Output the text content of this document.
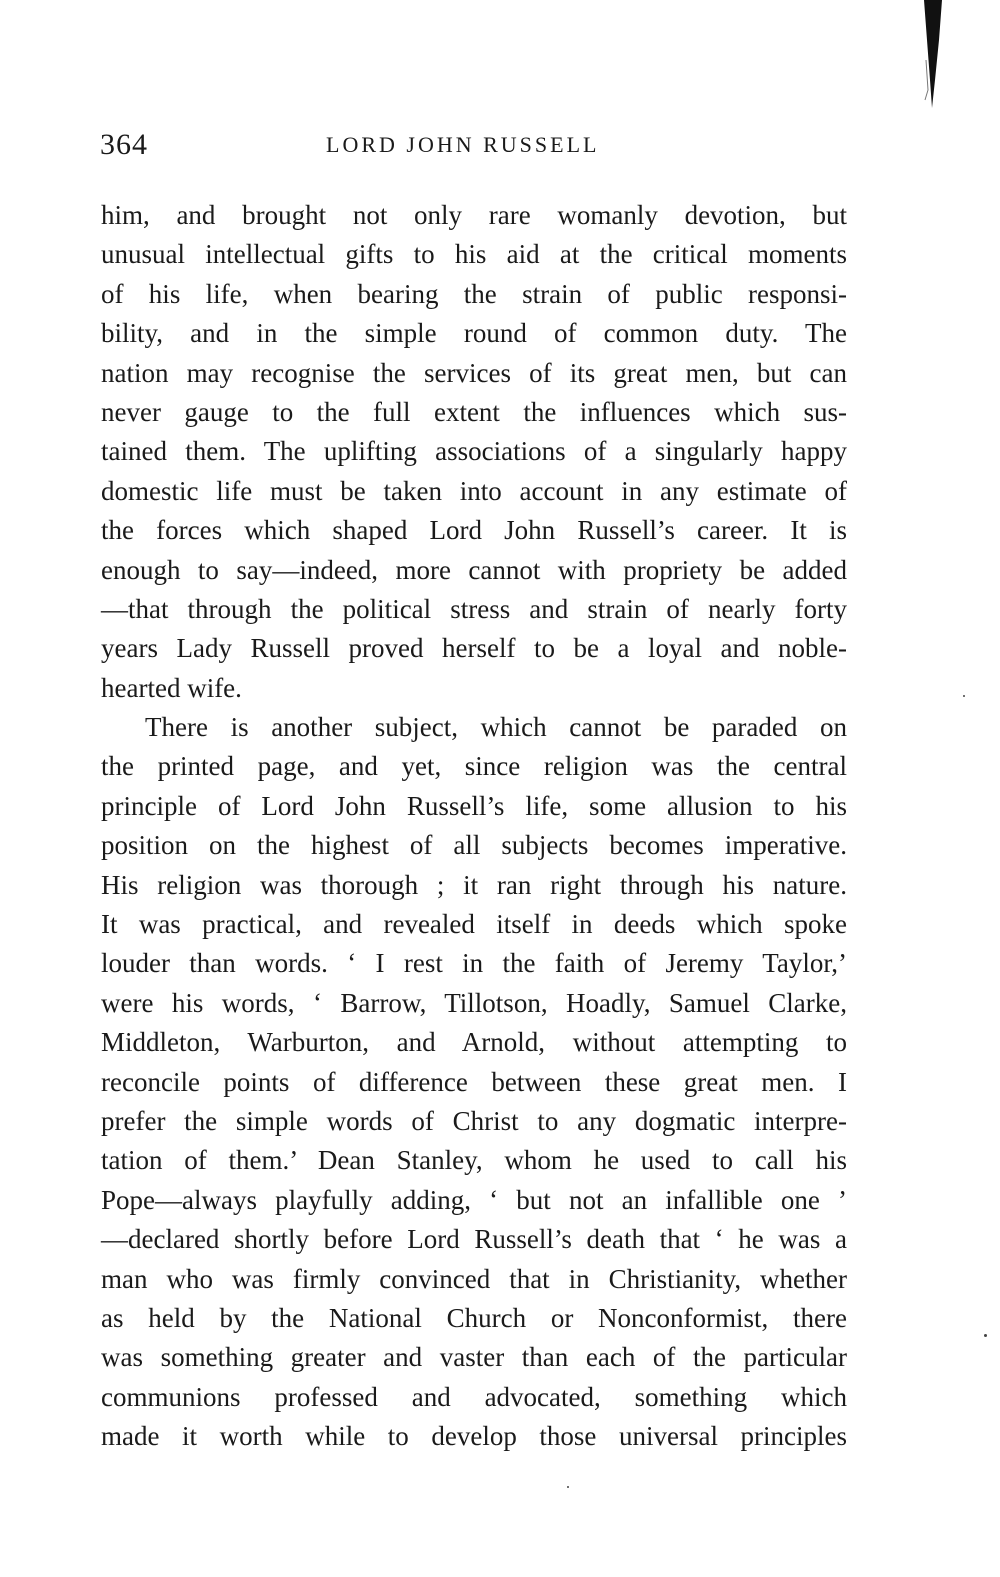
364	LORD JOHN RUSSELL
him, and brought not only rare womanly devotion, but
unusual intellectual gifts to his aid at the critical moments
of his life, when bearing the strain of public responsi-
bility, and in the simple round of common duty. The
nation may recognise the services of its great men, but can
never gauge to the full extent the influences which sus-
tained them. The uplifting associations of a singularly happy
domestic life must be taken into account in any estimate of
the forces which shaped Lord John Russell’s career. It is
enough to say—indeed, more cannot with propriety be added
—that through the political stress and strain of nearly forty
years Lady Russell proved herself to be a loyal and noble-
hearted wife.
There is another subject, which cannot be paraded on
the printed page, and yet, since religion was the central
principle of Lord John Russell’s life, some allusion to his
position on the highest of all subjects becomes imperative.
His religion was thorough ; it ran right through his nature.
It was practical, and revealed itself in deeds which spoke
louder than words. ‘ I rest in the faith of Jeremy Taylor,’
were his words, ‘ Barrow, Tillotson, Hoadly, Samuel Clarke,
Middleton, Warburton, and Arnold, without attempting to
reconcile points of difference between these great men. I
prefer the simple words of Christ to any dogmatic interpre-
tation of them.’ Dean Stanley, whom he used to call his
Pope—always playfully adding, ‘ but not an infallible one ’
—declared shortly before Lord Russell’s death that ‘ he was a
man who was firmly convinced that in Christianity, whether
as held by the National Church or Nonconformist, there
was something greater and vaster than each of the particular
communions professed and advocated, something which
made it worth while to develop those universal principles
